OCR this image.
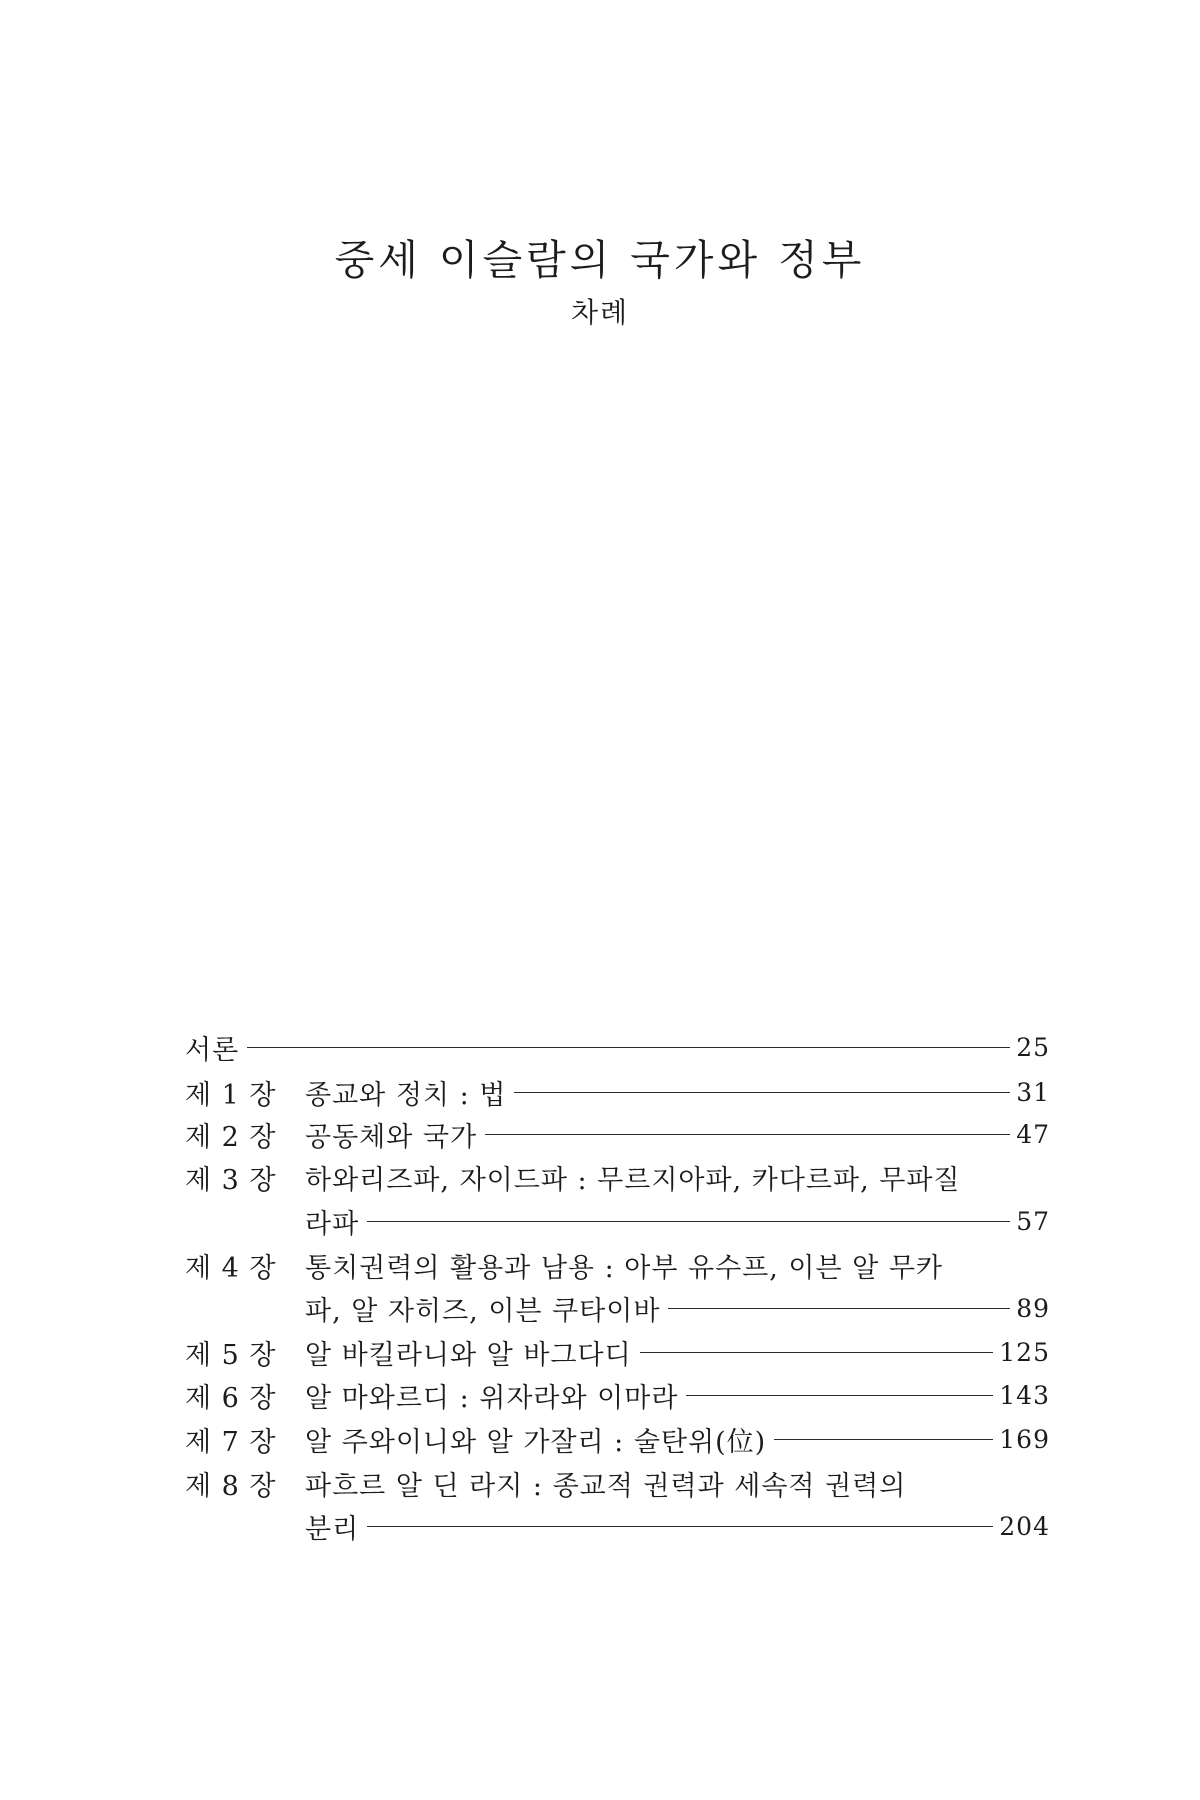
중세 이슬람의 국가와 정부
차례
서론	25
제 1 장	종교와 정치 : 법	31
제 2 장	공동체와 국가	47
제 3 장	하와리즈파, 자이드파 : 무르지아파, 카다르파, 무파질
라파	57
제 4 장	통치권력의 활용과 남용 : 아부 유수프, 이븐 알 무카
파, 알 자히즈, 이븐 쿠타이바	89
제 5 장	알 바킬라니와 알 바그다디	125
제 6 장	알 마와르디 : 위자라와 이마라	143
제 7 장	알 주와이니와 알 가잘리 : 술탄위(位)	169
제 8 장	파흐르 알 딘 라지 : 종교적 권력과 세속적 권력의
분리	204
